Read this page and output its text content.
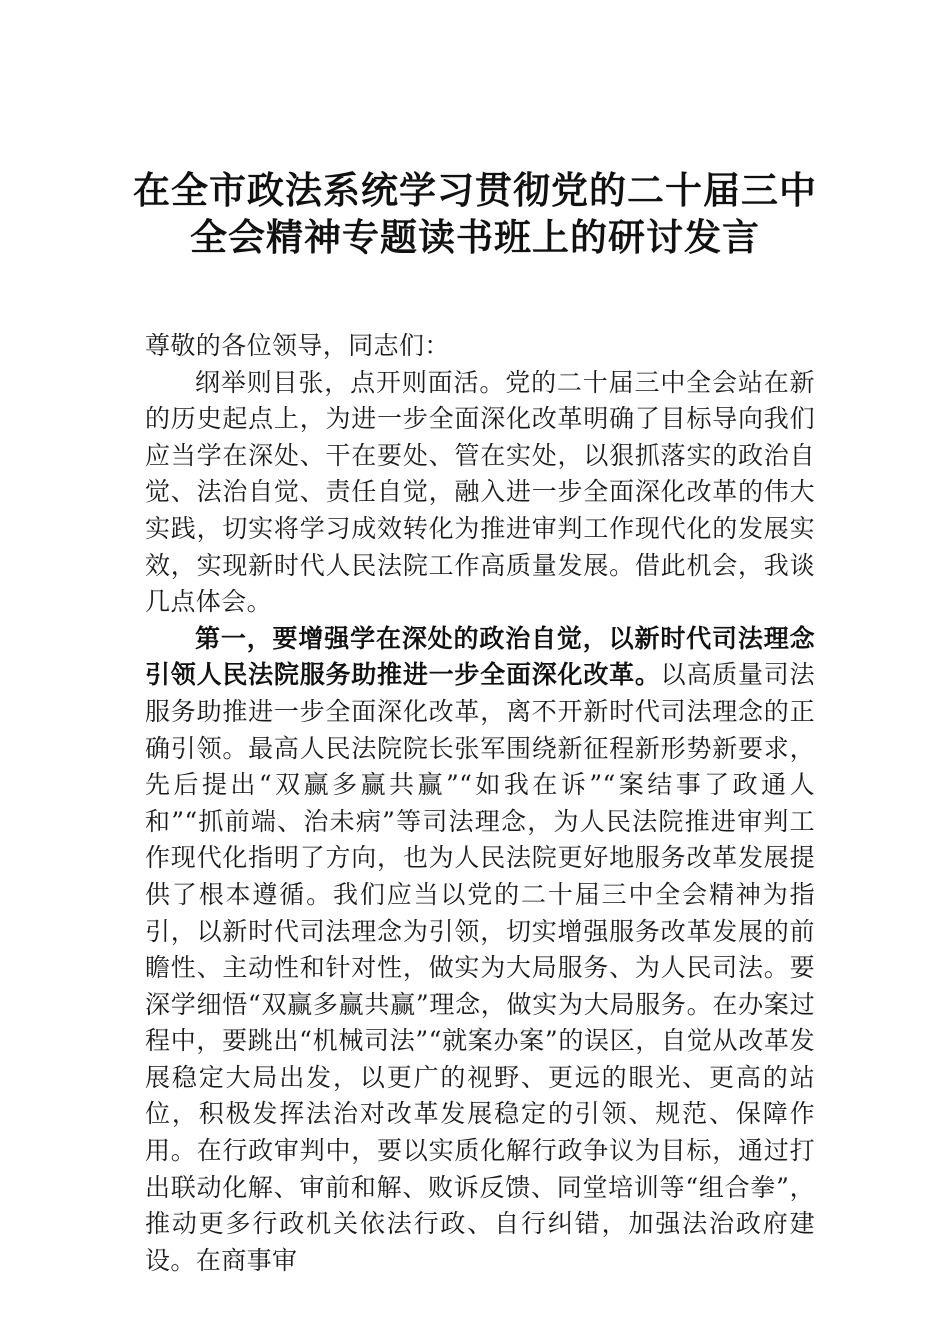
在全市政法系统学习贯彻党的二十届三中
全会精神专题读书班上的研讨发言

尊敬的各位领导，同志们：

纲举则目张，点开则面活。党的二十届三中全会站在新的历史起点上，为进一步全面深化改革明确了目标导向我们应当学在深处、干在要处、管在实处，以狠抓落实的政治自觉、法治自觉、责任自觉，融入进一步全面深化改革的伟大实践，切实将学习成效转化为推进审判工作现代化的发展实效，实现新时代人民法院工作高质量发展。借此机会，我谈几点体会。

第一，要增强学在深处的政治自觉，以新时代司法理念引领人民法院服务助推进一步全面深化改革。以高质量司法服务助推进一步全面深化改革，离不开新时代司法理念的正确引领。最高人民法院院长张军围绕新征程新形势新要求，先后提出“双赢多赢共赢”“如我在诉”“案结事了政通人和”“抓前端、治未病”等司法理念，为人民法院推进审判工作现代化指明了方向，也为人民法院更好地服务改革发展提供了根本遵循。我们应当以党的二十届三中全会精神为指引，以新时代司法理念为引领，切实增强服务改革发展的前瞻性、主动性和针对性，做实为大局服务、为人民司法。要深学细悟“双赢多赢共赢”理念，做实为大局服务。在办案过程中，要跳出“机械司法”“就案办案”的误区，自觉从改革发展稳定大局出发，以更广的视野、更远的眼光、更高的站位，积极发挥法治对改革发展稳定的引领、规范、保障作用。在行政审判中，要以实质化解行政争议为目标，通过打出联动化解、审前和解、败诉反馈、同堂培训等“组合拳”，推动更多行政机关依法行政、自行纠错，加强法治政府建设。在商事审
